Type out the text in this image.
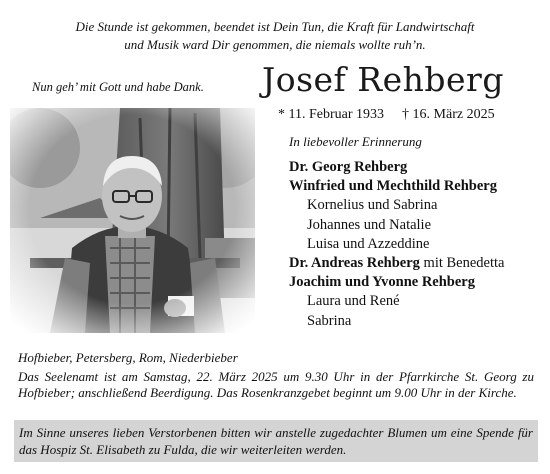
Die Stunde ist gekommen, beendet ist Dein Tun, die Kraft für Landwirtschaft
und Musik ward Dir genommen, die niemals wollte ruh’n.
Nun geh’ mit Gott und habe Dank. Josef Rehberg
* 11. Februar 1933 † 16. März 2025
In liebevoller Erinnerung
Dr. Georg Rehberg
Winfried und Mechthild Rehberg
Kornelius und Sabrina
Johannes und Natalie
Luisa und Azzeddine
Dr. Andreas Rehberg mit Benedetta
Joachim und Yvonne Rehberg
Laura und René
Sabrina
Hofbieber, Petersberg, Rom, Niederbieber
Das Seelenamt ist am Samstag, 22. März 2025 um 9.30 Uhr in der Pfarrkirche St. Georg zu Hofbieber; anschließend Beerdigung. Das Rosenkranzgebet beginnt um 9.00 Uhr in der Kirche.
Im Sinne unseres lieben Verstorbenen bitten wir anstelle zugedachter Blumen um eine Spende für das Hospiz St. Elisabeth zu Fulda, die wir weiterleiten werden.
